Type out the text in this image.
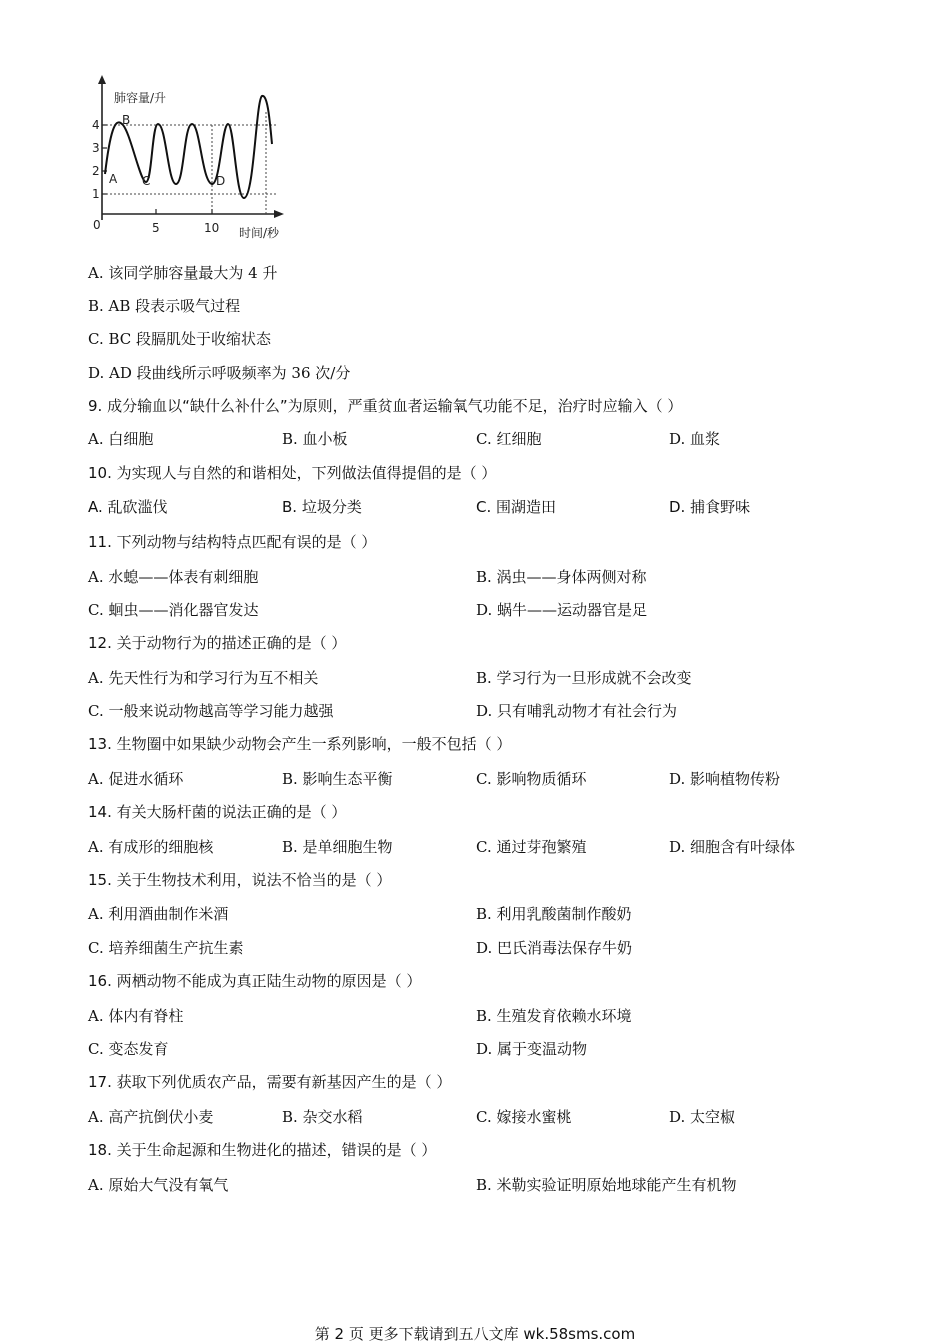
肺容量/升
时间/秒
4
3
2
1
0	5	10
A
B
C	D
A. 该同学肺容量最大为 4 升
B. AB 段表示吸气过程
C. BC 段膈肌处于收缩状态
D. AD 段曲线所示呼吸频率为 36 次/分
9. 成分输血以“缺什么补什么”为原则，严重贫血者运输氧气功能不足，治疗时应输入（ ）
A. 白细胞	B. 血小板	C. 红细胞	D. 血浆
10. 为实现人与自然的和谐相处，下列做法值得提倡的是（ ）
A. 乱砍滥伐	B. 垃圾分类	C. 围湖造田	D. 捕食野味
11. 下列动物与结构特点匹配有误的是（ ）
A. 水螅——体表有刺细胞	B. 涡虫——身体两侧对称
C. 蛔虫——消化器官发达	D. 蜗牛——运动器官是足
12. 关于动物行为的描述正确的是（ ）
A. 先天性行为和学习行为互不相关	B. 学习行为一旦形成就不会改变
C. 一般来说动物越高等学习能力越强	D. 只有哺乳动物才有社会行为
13. 生物圈中如果缺少动物会产生一系列影响，一般不包括（ ）
A. 促进水循环	B. 影响生态平衡	C. 影响物质循环	D. 影响植物传粉
14. 有关大肠杆菌的说法正确的是（ ）
A. 有成形的细胞核	B. 是单细胞生物	C. 通过芽孢繁殖	D. 细胞含有叶绿体
15. 关于生物技术利用，说法不恰当的是（ ）
A. 利用酒曲制作米酒	B. 利用乳酸菌制作酸奶
C. 培养细菌生产抗生素	D. 巴氏消毒法保存牛奶
16. 两栖动物不能成为真正陆生动物的原因是（ ）
A. 体内有脊柱	B. 生殖发育依赖水环境
C. 变态发育	D. 属于变温动物
17. 获取下列优质农产品，需要有新基因产生的是（ ）
A. 高产抗倒伏小麦	B. 杂交水稻	C. 嫁接水蜜桃	D. 太空椒
18. 关于生命起源和生物进化的描述，错误的是（ ）
A. 原始大气没有氧气	B. 米勒实验证明原始地球能产生有机物
第 2 页 更多下载请到五八文库 wk.58sms.com
